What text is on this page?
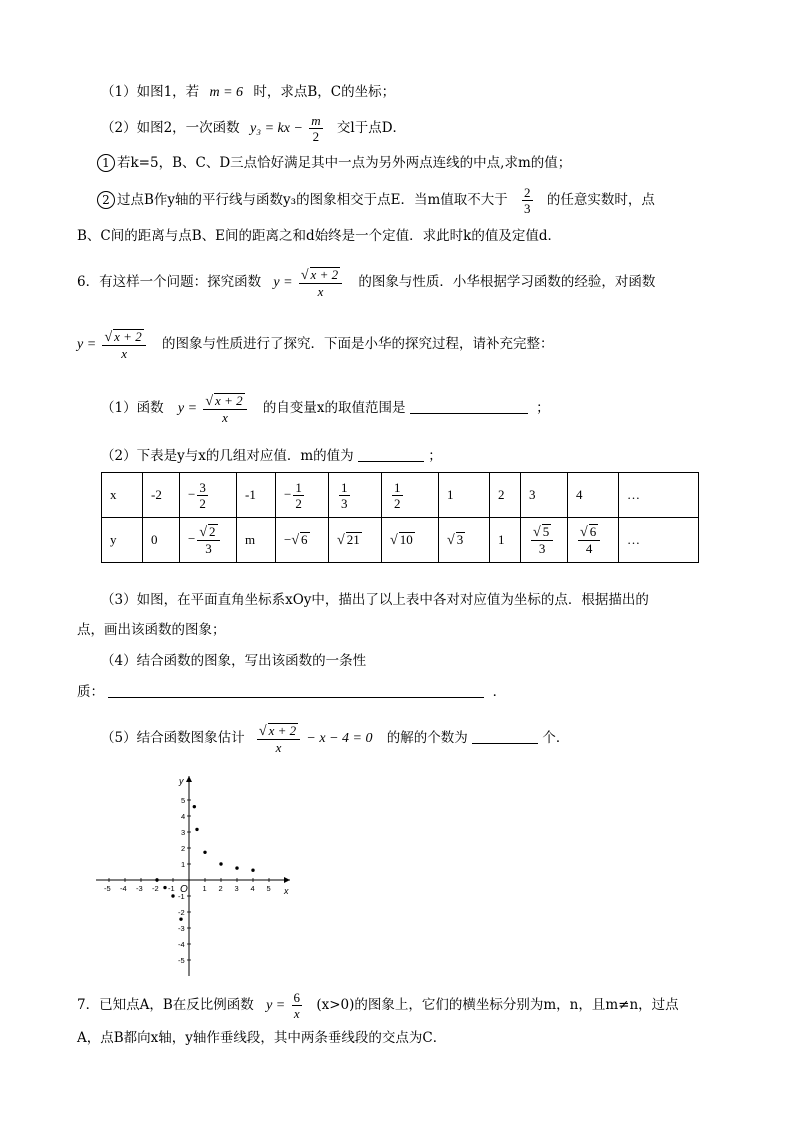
（1）如图1，若 m = 6 时，求点B，C的坐标；
（2）如图2，一次函数 y₃ = kx − $\frac{m}{2}$ 交l于点D．
1 若k=5，B、C、D三点恰好满足其中一点为另外两点连线的中点,求m的值；
2 过点B作y轴的平行线与函数y₃的图象相交于点E．当m值取不大于 $\frac{2}{3}$ 的任意实数时，点
B、C间的距离与点B、E间的距离之和d始终是一个定值．求此时k的值及定值d．
6．有这样一个问题：探究函数 $y = \frac{√ x + 2}{x}$ 的图象与性质．小华根据学习函数的经验，对函数
$y = \frac{√ x + 2}{x}$ 的图象与性质进行了探究．下面是小华的探究过程，请补充完整：
（1）函数 $y = \frac{√ x + 2}{x}$ 的自变量x的取值范围是	；
（2）下表是y与x的几组对应值．m的值为	；
x	-2	− $\frac{3}{2}$	-1	− $\frac{1}{2}$	$\frac{1}{3}$	$\frac{1}{2}$	1	2	3	4	…
y	0	− $\frac{√ 2}{3}$	m	−√ 6	√ 21	√ 10	√ 3	1	$\frac{√ 5}{3}$	$\frac{√ 6}{4}$	…
（3）如图，在平面直角坐标系xOy中，描出了以上表中各对对应值为坐标的点．根据描出的
点，画出该函数的图象；
（4）结合函数的图象，写出该函数的一条性
质：	．
（5）结合函数图象估计 $\frac{√ x + 2}{x} - x - 4 = 0$ 的解的个数为	个．
x
y
O
-5 -4 -3 -2 -1	1 2 3 4 5
-5
-4
-3
-2
-1
1
2
3
4
5
7．已知点A，B在反比例函数 $y = \frac{6}{x} (x>0)$的图象上，它们的横坐标分别为m，n，且m≠n，过点
A，点B都向x轴，y轴作垂线段，其中两条垂线段的交点为C．
